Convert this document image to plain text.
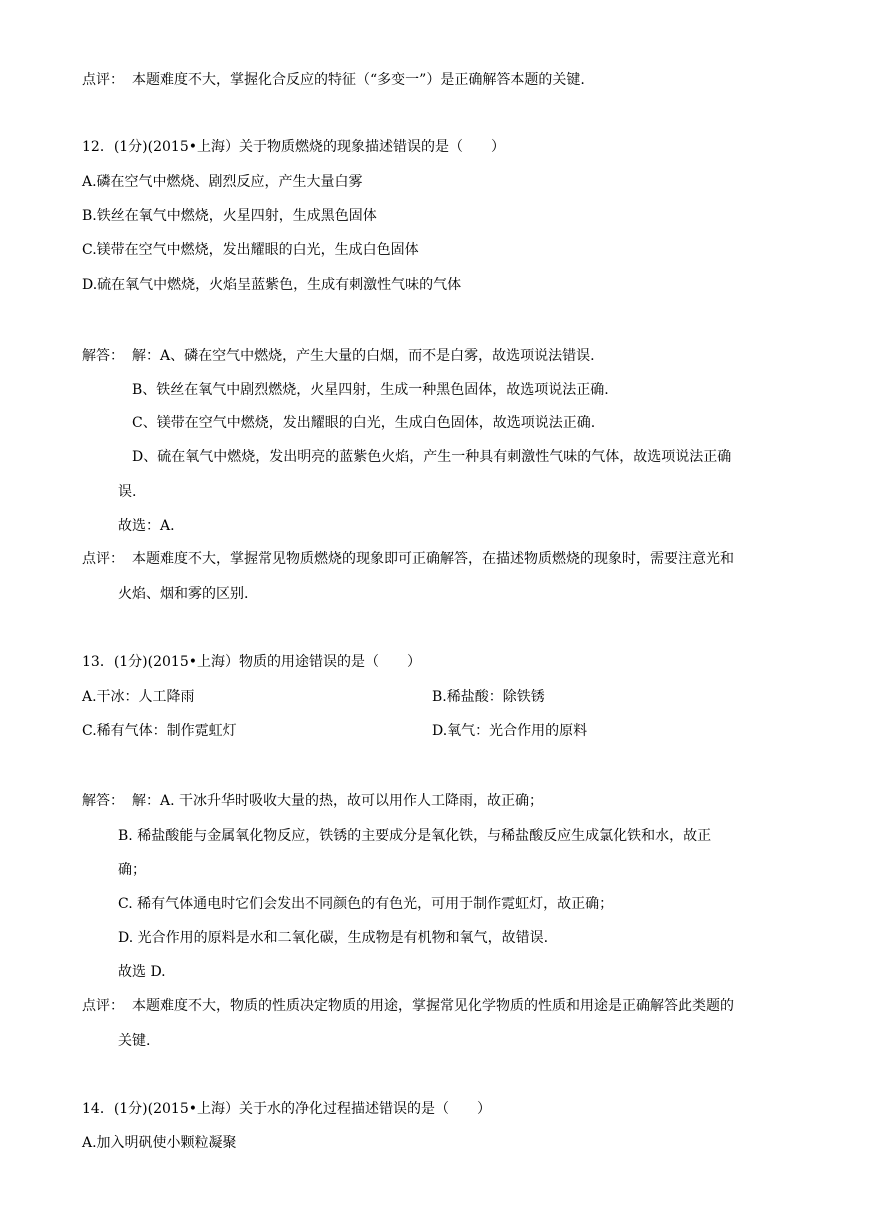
点评： 本题难度不大，掌握化合反应的特征（“多变一”）是正确解答本题的关键.
12．(1分)(2015•上海）关于物质燃烧的现象描述错误的是（　　）
A.磷在空气中燃烧、剧烈反应，产生大量白雾
B.铁丝在氧气中燃烧，火星四射，生成黑色固体
C.镁带在空气中燃烧，发出耀眼的白光，生成白色固体
D.硫在氧气中燃烧，火焰呈蓝紫色，生成有刺激性气味的气体
解答： 解：A、磷在空气中燃烧，产生大量的白烟，而不是白雾，故选项说法错误.
B、铁丝在氧气中剧烈燃烧，火星四射，生成一种黑色固体，故选项说法正确.
C、镁带在空气中燃烧，发出耀眼的白光，生成白色固体，故选项说法正确.
D、硫在氧气中燃烧，发出明亮的蓝紫色火焰，产生一种具有刺激性气味的气体，故选项说法正确
误.
故选：A.
点评： 本题难度不大，掌握常见物质燃烧的现象即可正确解答，在描述物质燃烧的现象时，需要注意光和
火焰、烟和雾的区别.
13．(1分)(2015•上海）物质的用途错误的是（　　）
A.干冰：人工降雨	B.稀盐酸：除铁锈
C.稀有气体：制作霓虹灯	D.氧气：光合作用的原料
解答： 解：A. 干冰升华时吸收大量的热，故可以用作人工降雨，故正确；
B. 稀盐酸能与金属氧化物反应，铁锈的主要成分是氧化铁，与稀盐酸反应生成氯化铁和水，故正
确；
C. 稀有气体通电时它们会发出不同颜色的有色光，可用于制作霓虹灯，故正确；
D. 光合作用的原料是水和二氧化碳，生成物是有机物和氧气，故错误.
故选 D.
点评： 本题难度不大，物质的性质决定物质的用途，掌握常见化学物质的性质和用途是正确解答此类题的
关键.
14．(1分)(2015•上海）关于水的净化过程描述错误的是（　　）
A.加入明矾使小颗粒凝聚
